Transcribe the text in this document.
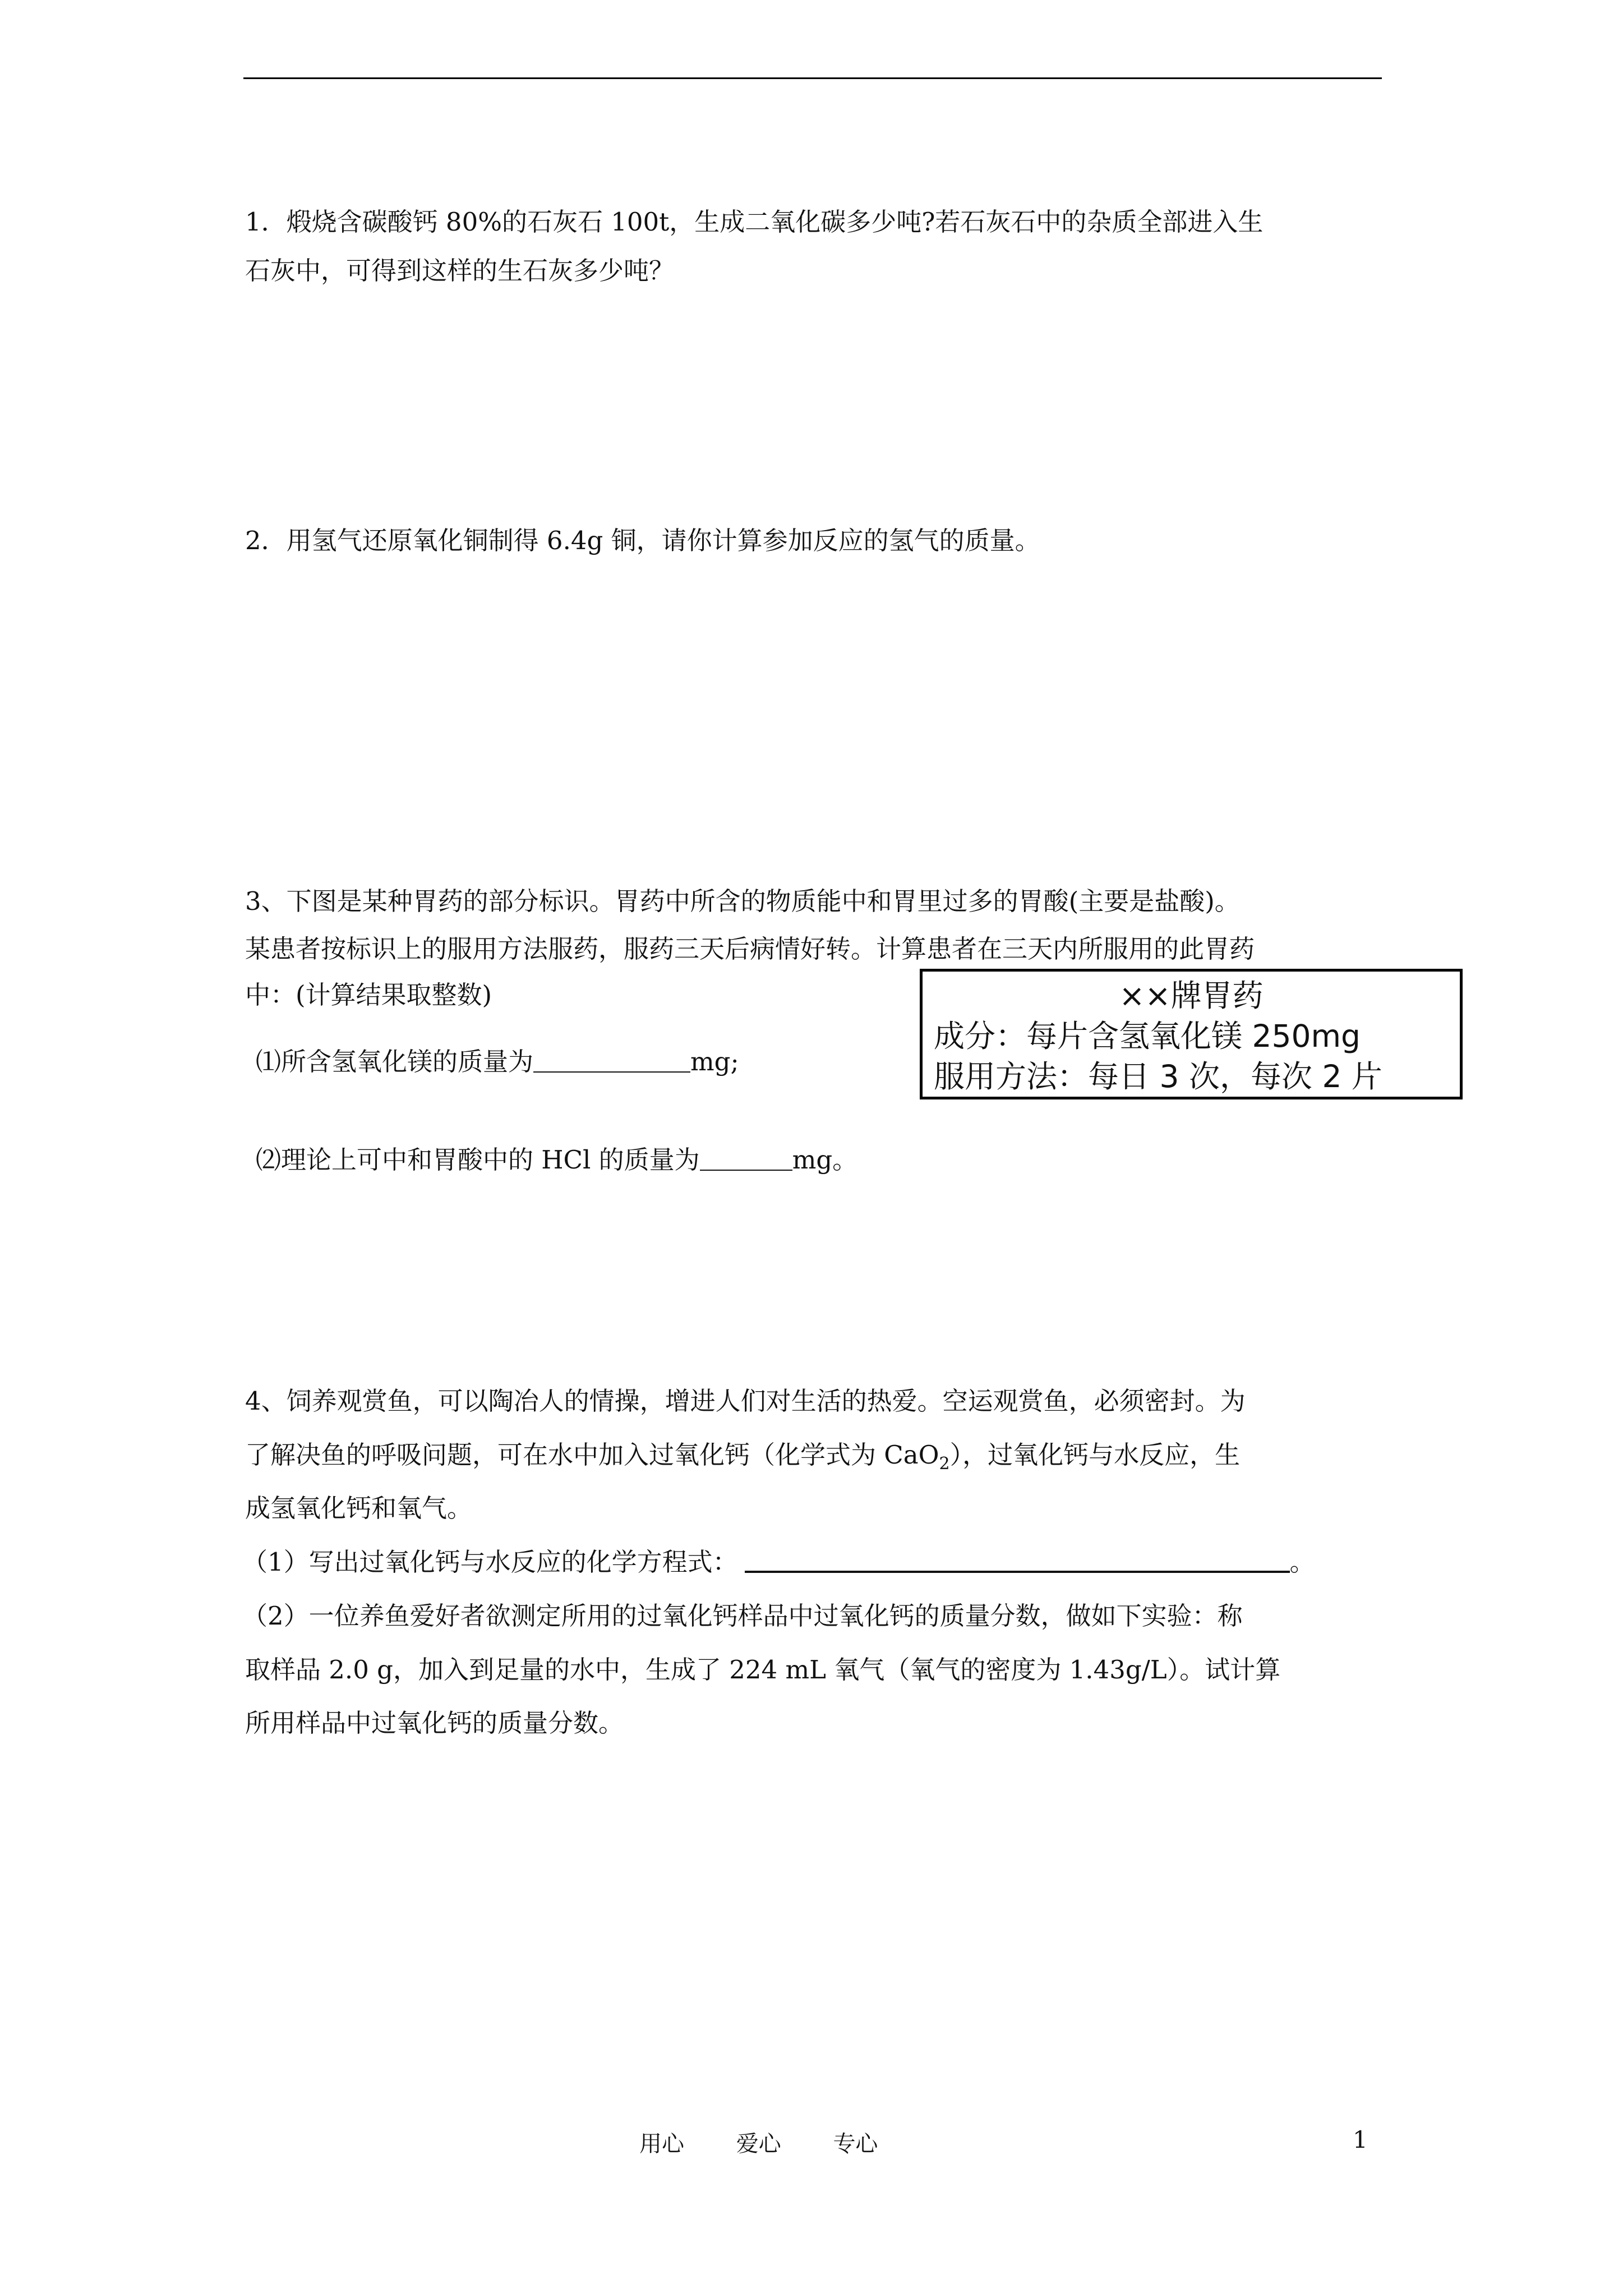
1．煅烧含碳酸钙 80%的石灰石 100t，生成二氧化碳多少吨?若石灰石中的杂质全部进入生

石灰中，可得到这样的生石灰多少吨？

2．用氢气还原氧化铜制得 6.4g 铜，请你计算参加反应的氢气的质量。

3、下图是某种胃药的部分标识。胃药中所含的物质能中和胃里过多的胃酸(主要是盐酸)。

某患者按标识上的服用方法服药，服药三天后病情好转。计算患者在三天内所服用的此胃药

中：(计算结果取整数)

⑴所含氢氧化镁的质量为	mg;

⑵理论上可中和胃酸中的 HCl 的质量为	mg。

××牌胃药
成分：每片含氢氧化镁 250mg
服用方法：每日 3 次，每次 2 片

4、饲养观赏鱼，可以陶冶人的情操，增进人们对生活的热爱。空运观赏鱼，必须密封。为

了解决鱼的呼吸问题，可在水中加入过氧化钙（化学式为 CaO$_2$），过氧化钙与水反应，生

成氢氧化钙和氧气。

（1）写出过氧化钙与水反应的化学方程式：	。

（2）一位养鱼爱好者欲测定所用的过氧化钙样品中过氧化钙的质量分数，做如下实验：称

取样品 2.0 g，加入到足量的水中，生成了 224 mL 氧气（氧气的密度为 1.43g/L）。试计算

所用样品中过氧化钙的质量分数。

用心 爱心 专心	1
